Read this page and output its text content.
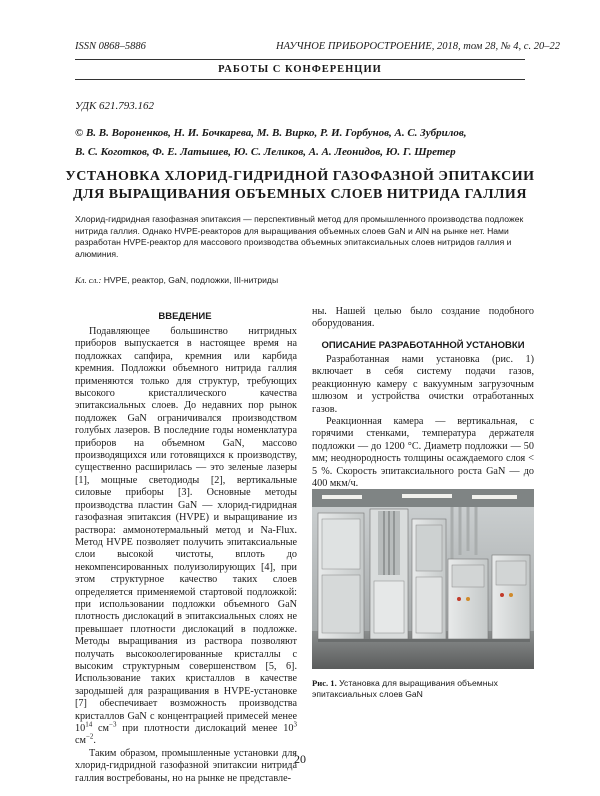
ISSN 0868–5886	НАУЧНОЕ ПРИБОРОСТРОЕНИЕ, 2018, том 28, № 4, c. 20–22
РАБОТЫ С КОНФЕРЕНЦИИ
УДК 621.793.162
© В. В. Вороненков, Н. И. Бочкарева, М. В. Вирко, Р. И. Горбунов, А. С. Зубрилов,
В. С. Коготков, Ф. Е. Латышев, Ю. С. Леликов, А. А. Леонидов, Ю. Г. Шретер
УСТАНОВКА ХЛОРИД-ГИДРИДНОЙ ГАЗОФАЗНОЙ ЭПИТАКСИИ
ДЛЯ ВЫРАЩИВАНИЯ ОБЪЕМНЫХ СЛОЕВ НИТРИДА ГАЛЛИЯ
Хлорид-гидридная газофазная эпитаксия — перспективный метод для промышленного производства подложек нитрида галлия. Однако HVPE-реакторов для выращивания объемных слоев GaN и AlN на рынке нет. Нами разработан HVPE-реактор для массового производства объемных эпитаксиальных слоев нитридов галлия и алюминия.
Кл. сл.: HVPE, реактор, GaN, подложки, III-нитриды
ВВЕДЕНИЕ

Подавляющее большинство нитридных приборов выпускается в настоящее время на подложках сапфира, кремния или карбида кремния. Подложки объемного нитрида галлия применяются только для структур, требующих высокого кристаллического качества эпитаксиальных слоев. До недавних пор рынок подложек GaN ограничивался производством голубых лазеров. В последние годы номенклатура приборов на объемном GaN, массово производящихся или готовящихся к производству, существенно расширилась — это зеленые лазеры [1], мощные светодиоды [2], вертикальные силовые приборы [3]. Основные методы производства пластин GaN — хлорид-гидридная газофазная эпитаксия (HVPE) и выращивание из раствора: аммонотермальный метод и Na-Flux. Метод HVPE позволяет получить эпитаксиальные слои высокой чистоты, вплоть до некомпенсированных полуизолирующих [4], при этом структурное качество таких слоев определяется применяемой стартовой подложкой: при использовании подложки объемного GaN плотность дислокаций в эпитаксиальных слоях не превышает плотности дислокаций в подложке. Методы выращивания из раствора позволяют получать высокоолегированные кристаллы с высоким структурным совершенством [5, 6]. Использование таких кристаллов в качестве зародышей для разращивания в HVPE-установке [7] обеспечивает возможность производства кристаллов GaN с концентрацией примесей менее $10^{14}$ $см^{-3}$ при плотности дислокаций менее $10^3$ $см^{-2}$.

Таким образом, промышленные установки для хлорид-гидридной газофазной эпитаксии нитрида галлия востребованы, но на рынке не представле-

ны. Нашей целью было создание подобного оборудования.

ОПИСАНИЕ РАЗРАБОТАННОЙ УСТАНОВКИ

Разработанная нами установка (рис. 1) включает в себя систему подачи газов, реакционную камеру с вакуумным загрузочным шлюзом и устройства очистки отработанных газов.

Реакционная камера — вертикальная, с горячими стенками, температура держателя подложки — до 1200 °С. Диаметр подложки — 50 мм; неоднородность толщины осаждаемого слоя < 5 %. Скорость эпитаксиального роста GaN — до 400 мкм/ч.

Рис. 1. Установка для выращивания объемных эпитаксиальных слоев GaN
20
